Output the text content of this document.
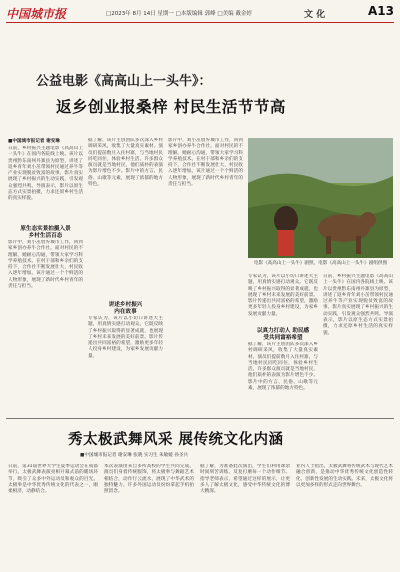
中国城市报	□2023年 8月 14日 星期一 □本版编辑 郭峰 □美编 戴金婷	文 化	A13
公益电影《高高山上一头牛》：
返乡创业报桑梓 村民生活节节高
■中国城市报记者 谢安琳
日前，乡村振兴主题电影《高高山上一头牛》在国内各院线上映。该片以贵州黔东南州丹寨县为原型，讲述了返乡青年刘小茁带领村民通过养牛等产业实现脱贫致富的故事。影片真实展现了乡村振兴的生动实践，引发观众强烈共鸣。导演表示，影片以原生态方式实景拍摄，力求还原乡村生活的真实样貌。
原生态实景拍摄入景
乡村生活百态
影片中，刘小茁放弃城市工作，回到家乡创办养牛合作社。面对村民的不理解，她耐心沟通，带领大家学习科学养殖技术。在村干部和乡亲们的支持下，合作社不断发展壮大，村民收入逐年增加。该片通过一个个鲜活的人物形象，展现了新时代乡村青年的责任与担当。
据了解，该片主创团队多次深入乡村调研采风，收集了大量真实素材。演员们提前数月入住村寨，与当地村民同吃同住，体验乡村生活。许多群众演员就是当地村民，他们质朴的表演为影片增色不少。影片中的方言、民俗、山歌等元素，展现了浓郁的地方特色。
讲述乡村振兴
内在故事
专家认为，该片以小切口讲述大主题，用真情实感打动观众。它既反映了乡村振兴取得的显著成就，也展现了乡村未来发展的美好前景。影片传递出共同富裕的希望，激励更多年轻人投身乡村建设，为家乡发展贡献力量。
影片中，刘小茁放弃城市工作，回到家乡创办养牛合作社。面对村民的不理解，她耐心沟通，带领大家学习科学养殖技术。在村干部和乡亲们的支持下，合作社不断发展壮大，村民收入逐年增加。该片通过一个个鲜活的人物形象，展现了新时代乡村青年的责任与担当。
电影《高高山上一头牛》剧照。电影《高高山上一头牛》剧组供图
专家认为，该片以小切口讲述大主题，用真情实感打动观众。它既反映了乡村振兴取得的显著成就，也展现了乡村未来发展的美好前景。影片传递出共同富裕的希望，激励更多年轻人投身乡村建设，为家乡发展贡献力量。
以真力打动人 助民感
受共同富裕希望
据了解，该片主创团队多次深入乡村调研采风，收集了大量真实素材。演员们提前数月入住村寨，与当地村民同吃同住，体验乡村生活。许多群众演员就是当地村民，他们质朴的表演为影片增色不少。影片中的方言、民俗、山歌等元素，展现了浓郁的地方特色。
日前，乡村振兴主题电影《高高山上一头牛》在国内各院线上映。该片以贵州黔东南州丹寨县为原型，讲述了返乡青年刘小茁带领村民通过养牛等产业实现脱贫致富的故事。影片真实展现了乡村振兴的生动实践，引发观众强烈共鸣。导演表示，影片以原生态方式实景拍摄，力求还原乡村生活的真实样貌。
秀太极武舞风采 展传统文化内涵
■中国城市报记者 谢安琳 张晓 实习生 朱敏媛 孙圣兵
日前，第31届世界大学生夏季运动会在成都举行。太极武舞表演亮相开幕式前的暖场环节，吸引了众多中外运动员和观众的目光。太极拳是中华优秀传统文化的代表之一，刚柔相济，动静结合。
本次表演由来自多所高校的学生共同完成。演员们身着传统服饰，将太极拳与舞蹈艺术相结合，动作行云流水，展现了中华武术的独特魅力。许多外国运动员纷纷拿起手机拍照留念。
据了解，为准备此次演出，学生们利用课余时间刻苦训练，反复打磨每一个动作细节。指导老师表示，希望通过这样的展示，让更多人了解太极文化，感受中华传统文化的博大精深。
业内人士指出，太极武舞将传统武术与现代艺术融合创新，是推动中华优秀传统文化创造性转化、创新性发展的生动实践。未来，太极文化将以更加多样的形式走向世界舞台。
